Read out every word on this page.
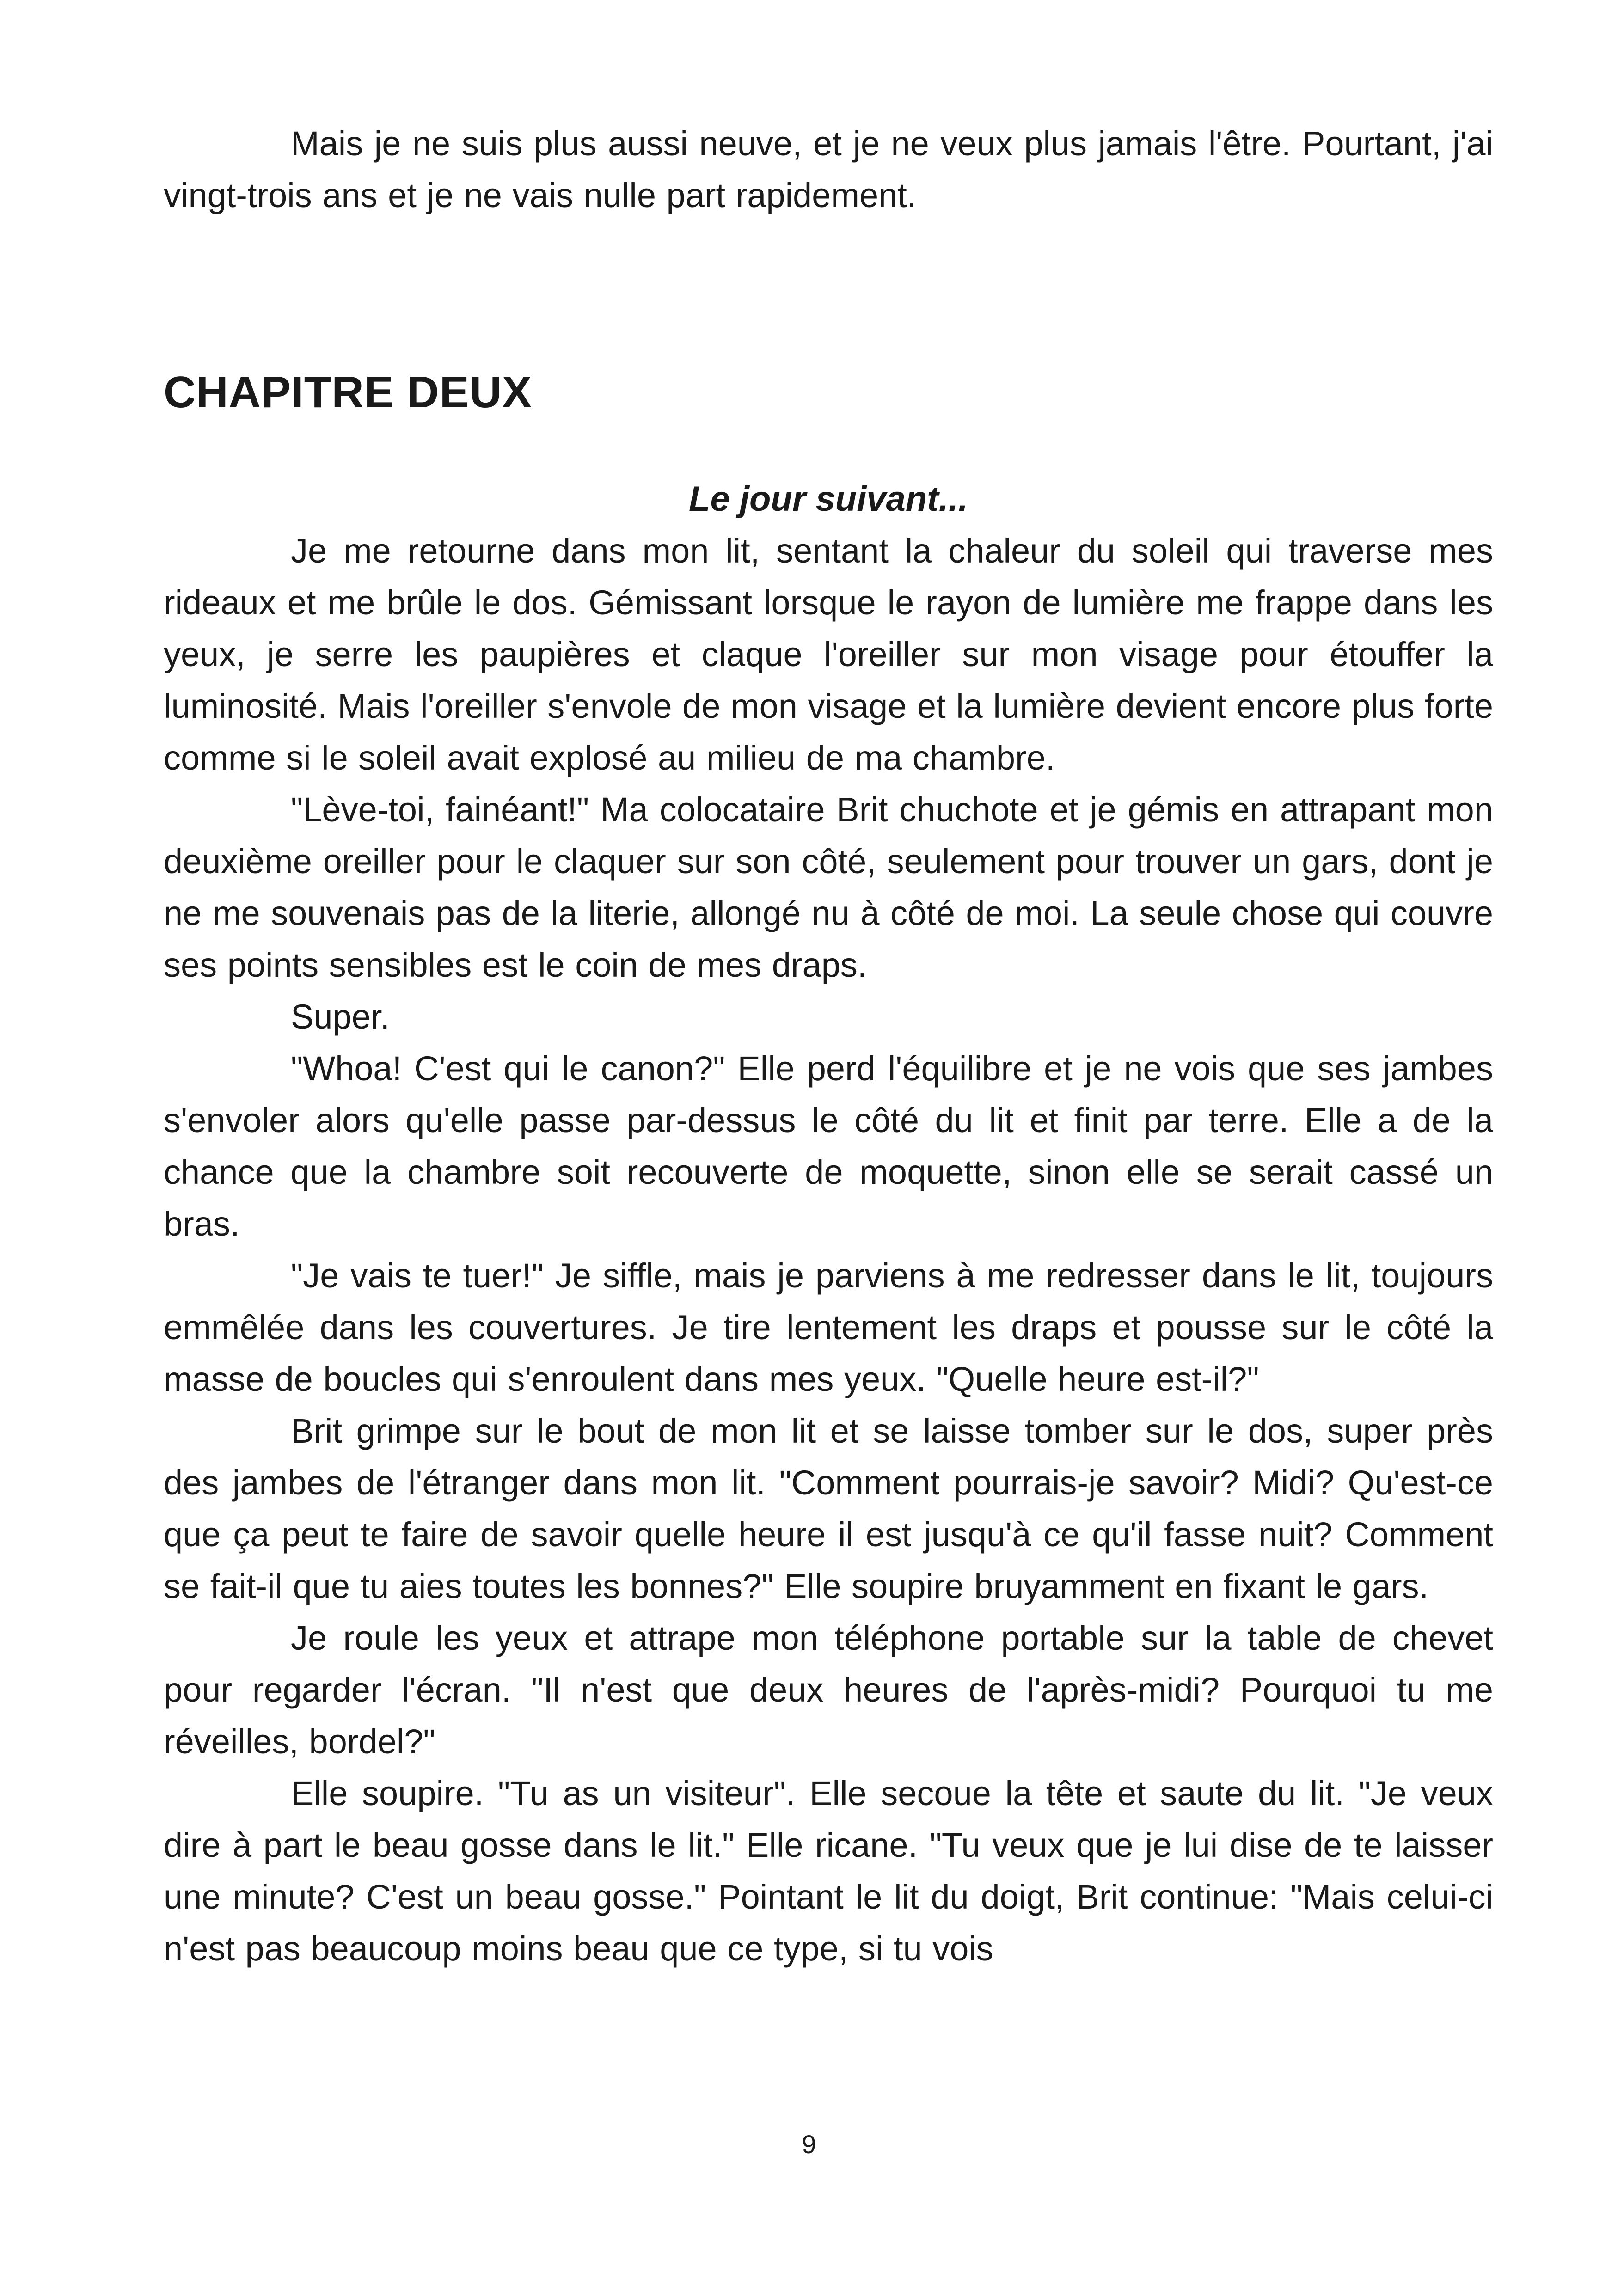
Mais je ne suis plus aussi neuve, et je ne veux plus jamais l'être. Pourtant, j'ai vingt-trois ans et je ne vais nulle part rapidement.

CHAPITRE DEUX

Le jour suivant...

Je me retourne dans mon lit, sentant la chaleur du soleil qui traverse mes rideaux et me brûle le dos. Gémissant lorsque le rayon de lumière me frappe dans les yeux, je serre les paupières et claque l'oreiller sur mon visage pour étouffer la luminosité. Mais l'oreiller s'envole de mon visage et la lumière devient encore plus forte comme si le soleil avait explosé au milieu de ma chambre.

"Lève-toi, fainéant!" Ma colocataire Brit chuchote et je gémis en attrapant mon deuxième oreiller pour le claquer sur son côté, seulement pour trouver un gars, dont je ne me souvenais pas de la literie, allongé nu à côté de moi. La seule chose qui couvre ses points sensibles est le coin de mes draps.

Super.

"Whoa! C'est qui le canon?" Elle perd l'équilibre et je ne vois que ses jambes s'envoler alors qu'elle passe par-dessus le côté du lit et finit par terre. Elle a de la chance que la chambre soit recouverte de moquette, sinon elle se serait cassé un bras.

"Je vais te tuer!" Je siffle, mais je parviens à me redresser dans le lit, toujours emmêlée dans les couvertures. Je tire lentement les draps et pousse sur le côté la masse de boucles qui s'enroulent dans mes yeux. "Quelle heure est-il?"

Brit grimpe sur le bout de mon lit et se laisse tomber sur le dos, super près des jambes de l'étranger dans mon lit. "Comment pourrais-je savoir? Midi? Qu'est-ce que ça peut te faire de savoir quelle heure il est jusqu'à ce qu'il fasse nuit? Comment se fait-il que tu aies toutes les bonnes?" Elle soupire bruyamment en fixant le gars.

Je roule les yeux et attrape mon téléphone portable sur la table de chevet pour regarder l'écran. "Il n'est que deux heures de l'après-midi? Pourquoi tu me réveilles, bordel?"

Elle soupire. "Tu as un visiteur". Elle secoue la tête et saute du lit. "Je veux dire à part le beau gosse dans le lit." Elle ricane. "Tu veux que je lui dise de te laisser une minute? C'est un beau gosse." Pointant le lit du doigt, Brit continue: "Mais celui-ci n'est pas beaucoup moins beau que ce type, si tu vois

9
